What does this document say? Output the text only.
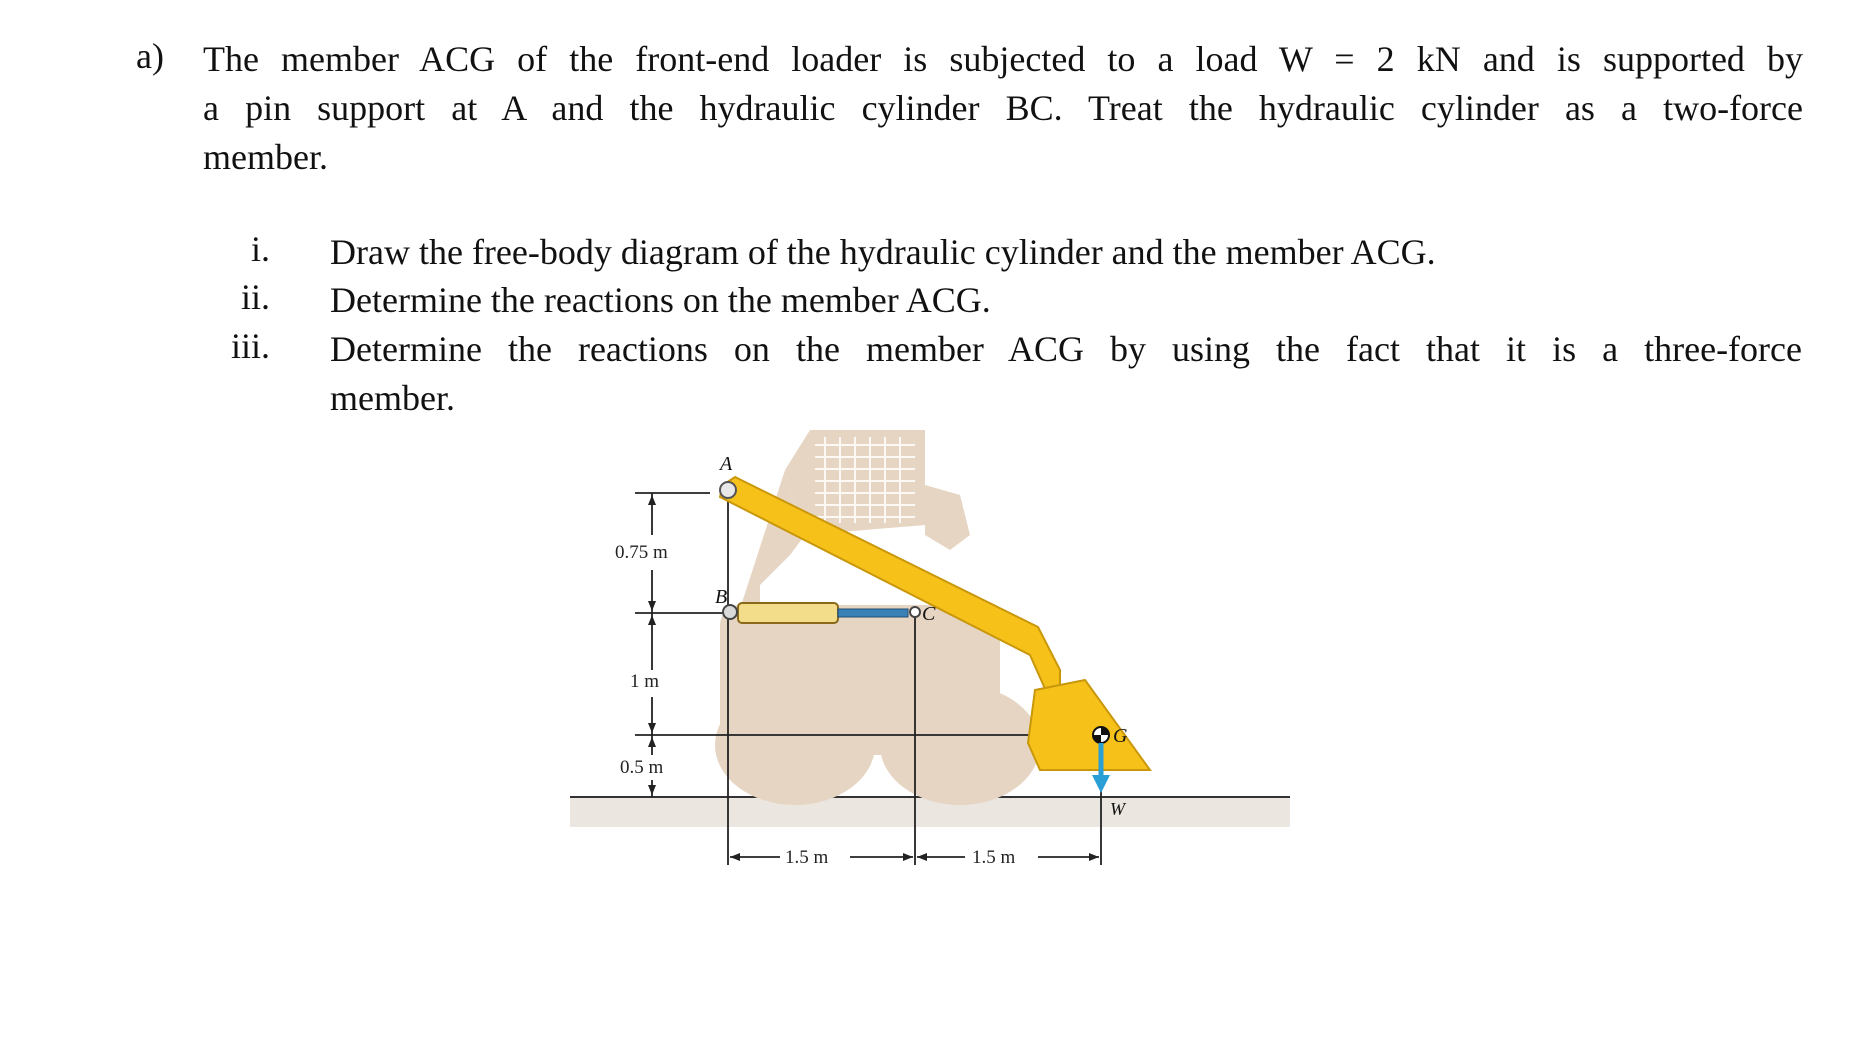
a) The member ACG of the front-end loader is subjected to a load W = 2 kN and is supported by
a pin support at A and the hydraulic cylinder BC. Treat the hydraulic cylinder as a two-force
member.
i. Draw the free-body diagram of the hydraulic cylinder and the member ACG.
ii. Determine the reactions on the member ACG.
iii. Determine the reactions on the member ACG by using the fact that it is a three-force
member.
A
B
C
G
W
0.75 m
1 m
0.5 m
1.5 m	1.5 m
